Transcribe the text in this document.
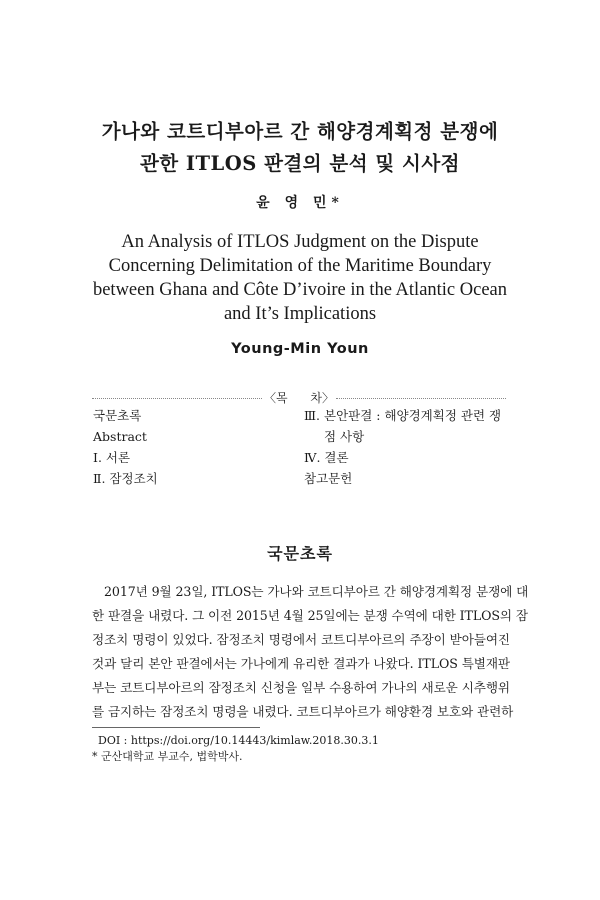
가나와 코트디부아르 간 해양경계획정 분쟁에
관한 ITLOS 판결의 분석 및 시사점
윤 영 민*
An Analysis of ITLOS Judgment on the Dispute
Concerning Delimitation of the Maritime Boundary
between Ghana and Côte D’ivoire in the Atlantic Ocean
and It’s Implications
Young-Min Youn
〈목      차〉
국문초록
Abstract
Ⅰ. 서론
Ⅱ. 잠정조치
Ⅲ. 본안판결 : 해양경계획정 관련 쟁
점 사항
Ⅳ. 결론
참고문헌
국문초록
2017년 9월 23일, ITLOS는 가나와 코트디부아르 간 해양경계획정 분쟁에 대
한 판결을 내렸다. 그 이전 2015년 4월 25일에는 분쟁 수역에 대한 ITLOS의 잠
정조치 명령이 있었다. 잠정조치 명령에서 코트디부아르의 주장이 받아들여진
것과 달리 본안 판결에서는 가나에게 유리한 결과가 나왔다. ITLOS 특별재판
부는 코트디부아르의 잠정조치 신청을 일부 수용하여 가나의 새로운 시추행위
를 금지하는 잠정조치 명령을 내렸다. 코트디부아르가 해양환경 보호와 관련하
DOI : https://doi.org/10.14443/kimlaw.2018.30.3.1
* 군산대학교 부교수, 법학박사.
